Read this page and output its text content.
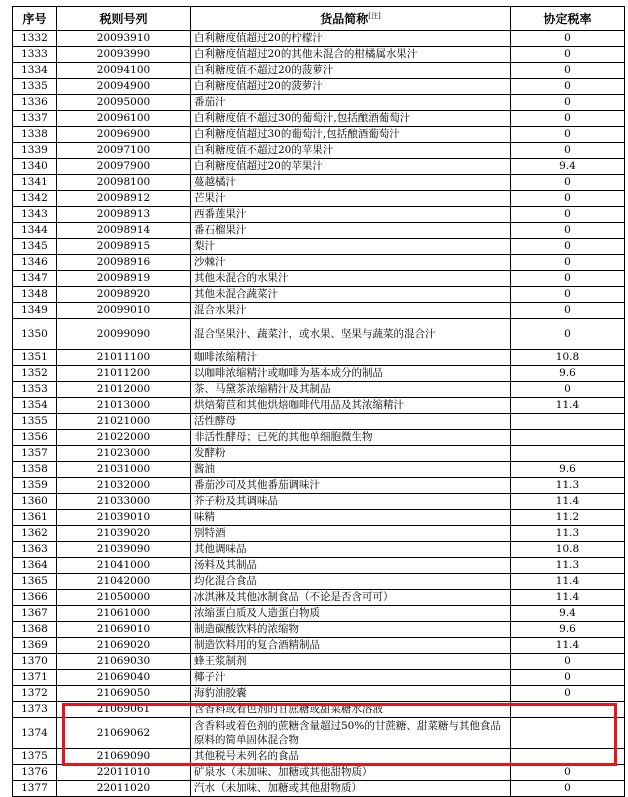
序号	税则号列	货品简称[注]	协定税率
1332	20093910	白利糖度值超过20的柠檬汁	0
1333	20093990	白利糖度值超过20的其他未混合的柑橘属水果汁	0
1334	20094100	白利糖度值不超过20的菠萝汁	0
1335	20094900	白利糖度值超过20的菠萝汁	0
1336	20095000	番茄汁	0
1337	20096100	白利糖度值不超过30的葡萄汁,包括酿酒葡萄汁	0
1338	20096900	白利糖度值超过30的葡萄汁,包括酿酒葡萄汁	0
1339	20097100	白利糖度值不超过20的苹果汁	0
1340	20097900	白利糖度值超过20的苹果汁	9.4
1341	20098100	蔓越橘汁	0
1342	20098912	芒果汁	0
1343	20098913	西番莲果汁	0
1344	20098914	番石榴果汁	0
1345	20098915	梨汁	0
1346	20098916	沙棘汁	0
1347	20098919	其他未混合的水果汁	0
1348	20098920	其他未混合蔬菜汁	0
1349	20099010	混合水果汁	0
1350	20099090	混合坚果汁、蔬菜汁，或水果、坚果与蔬菜的混合汁	0
1351	21011100	咖啡浓缩精汁	10.8
1352	21011200	以咖啡浓缩精汁或咖啡为基本成分的制品	9.6
1353	21012000	茶、马黛茶浓缩精汁及其制品	0
1354	21013000	烘焙菊苣和其他烘焙咖啡代用品及其浓缩精汁	11.4
1355	21021000	活性酵母	
1356	21022000	非活性酵母；已死的其他单细胞微生物	
1357	21023000	发酵粉	
1358	21031000	酱油	9.6
1359	21032000	番茄沙司及其他番茄调味汁	11.3
1360	21033000	芥子粉及其调味品	11.4
1361	21039010	味精	11.2
1362	21039020	别特酒	11.3
1363	21039090	其他调味品	10.8
1364	21041000	汤料及其制品	11.3
1365	21042000	均化混合食品	11.4
1366	21050000	冰淇淋及其他冰制食品（不论是否含可可）	11.4
1367	21061000	浓缩蛋白质及人造蛋白物质	9.4
1368	21069010	制造碳酸饮料的浓缩物	9.6
1369	21069020	制造饮料用的复合酒精制品	11.4
1370	21069030	蜂王浆制剂	0
1371	21069040	椰子汁	0
1372	21069050	海豹油胶囊	0
1373	21069061	含香料或着色剂的甘蔗糖或甜菜糖水溶液	
1374	21069062	含香料或着色剂的蔗糖含量超过50%的甘蔗糖、甜菜糖与其他食品原料的简单固体混合物	
1375	21069090	其他税号未列名的食品	
1376	22011010	矿泉水（未加味、加糖或其他甜物质）	0
1377	22011020	汽水（未加味、加糖或其他甜物质）	0
